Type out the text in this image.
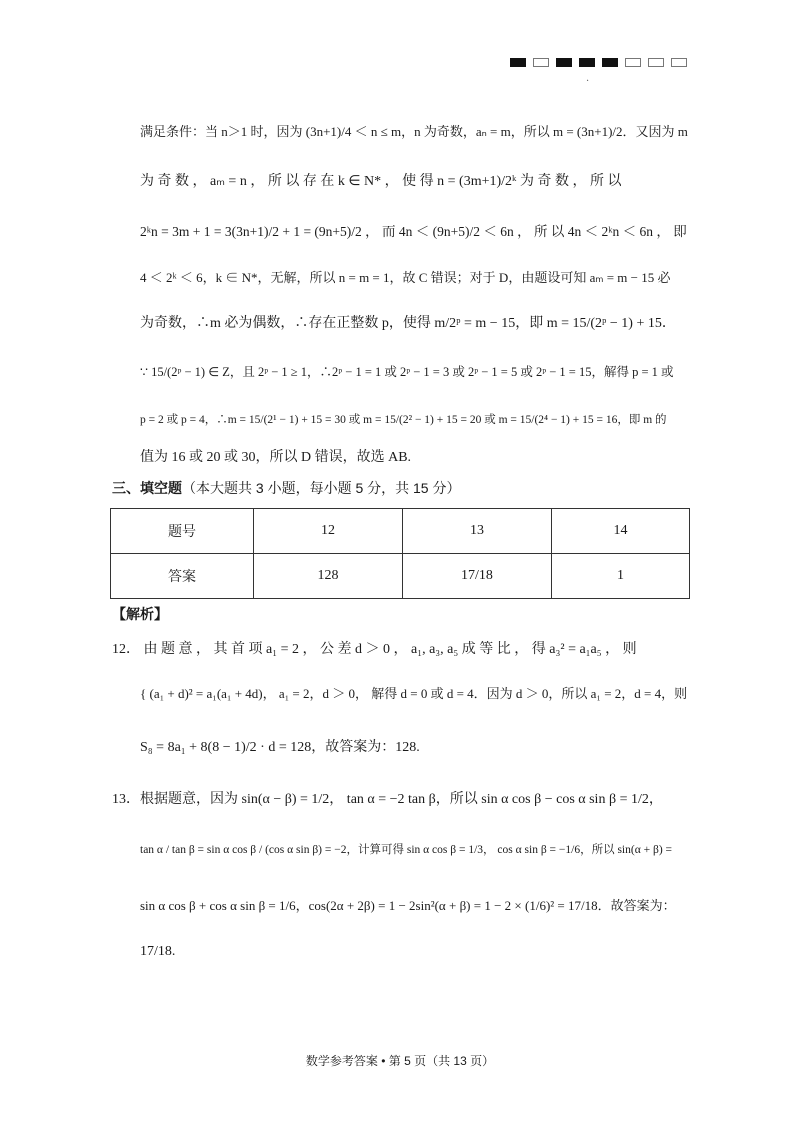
·
满足条件：当 n＞1 时，因为 (3n+1)/4 ＜ n ≤ m，n 为奇数，aₙ = m，所以 m = (3n+1)/2．又因为 m
为 奇 数 ， aₘ = n ， 所 以 存 在 k ∈ N* ， 使 得 n = (3m+1)/2ᵏ 为 奇 数 ， 所 以
2ᵏn = 3m + 1 = 3(3n+1)/2 + 1 = (9n+5)/2 ， 而 4n ＜ (9n+5)/2 ＜ 6n ， 所 以 4n ＜ 2ᵏn ＜ 6n ， 即
4 ＜ 2ᵏ ＜ 6，k ∈ N*，无解，所以 n = m = 1，故 C 错误；对于 D，由题设可知 aₘ = m − 15 必
为奇数，∴m 必为偶数，∴存在正整数 p，使得 m/2ᵖ = m − 15，即 m = 15/(2ᵖ − 1) + 15．
∵ 15/(2ᵖ − 1) ∈ Z，且 2ᵖ − 1 ≥ 1，∴2ᵖ − 1 = 1 或 2ᵖ − 1 = 3 或 2ᵖ − 1 = 5 或 2ᵖ − 1 = 15，解得 p = 1 或
p = 2 或 p = 4，∴m = 15/(2¹ − 1) + 15 = 30 或 m = 15/(2² − 1) + 15 = 20 或 m = 15/(2⁴ − 1) + 15 = 16，即 m 的
值为 16 或 20 或 30，所以 D 错误，故选 AB.
三、填空题（本大题共 3 小题，每小题 5 分，共 15 分）
题号	12	13	14
答案	128	17/18	1
【解析】
12． 由 题 意 ， 其 首 项 a₁ = 2 ， 公 差 d ＞ 0 ， a₁, a₃, a₅ 成 等 比 ， 得 a₃² = a₁a₅ ， 则
{ (a₁ + d)² = a₁(a₁ + 4d)， a₁ = 2，d ＞ 0， 解得 d = 0 或 d = 4．因为 d ＞ 0，所以 a₁ = 2，d = 4，则
S₈ = 8a₁ + 8(8 − 1)/2 · d = 128，故答案为：128.
13．根据题意，因为 sin(α − β) = 1/2， tan α = −2 tan β，所以 sin α cos β − cos α sin β = 1/2，
tan α / tan β = sin α cos β / (cos α sin β) = −2，计算可得 sin α cos β = 1/3， cos α sin β = −1/6，所以 sin(α + β) =
sin α cos β + cos α sin β = 1/6，cos(2α + 2β) = 1 − 2sin²(α + β) = 1 − 2 × (1/6)² = 17/18．故答案为：
17/18.
数学参考答案 • 第 5 页（共 13 页）
